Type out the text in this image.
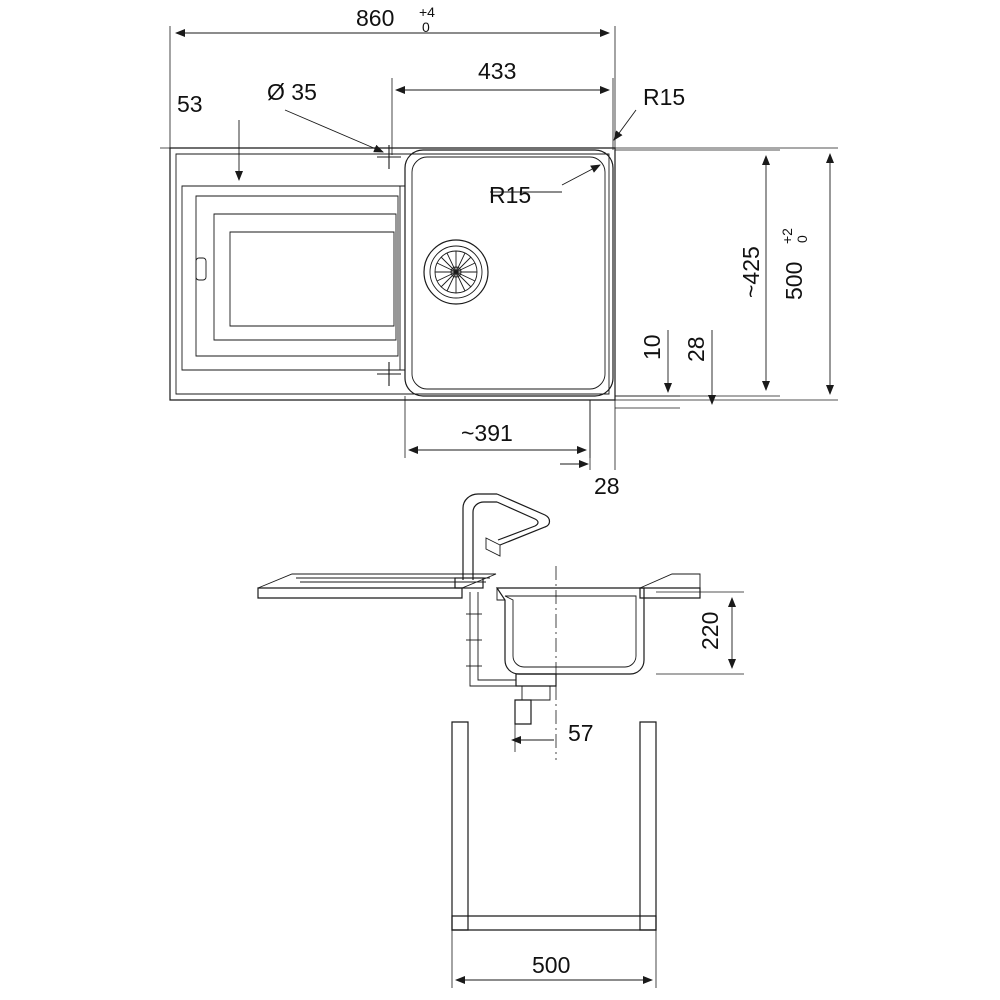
860 +4
0
53	Ø 35
433
R15
R15
~425 500
+2 0
10 28
~391
28
220
57
500
